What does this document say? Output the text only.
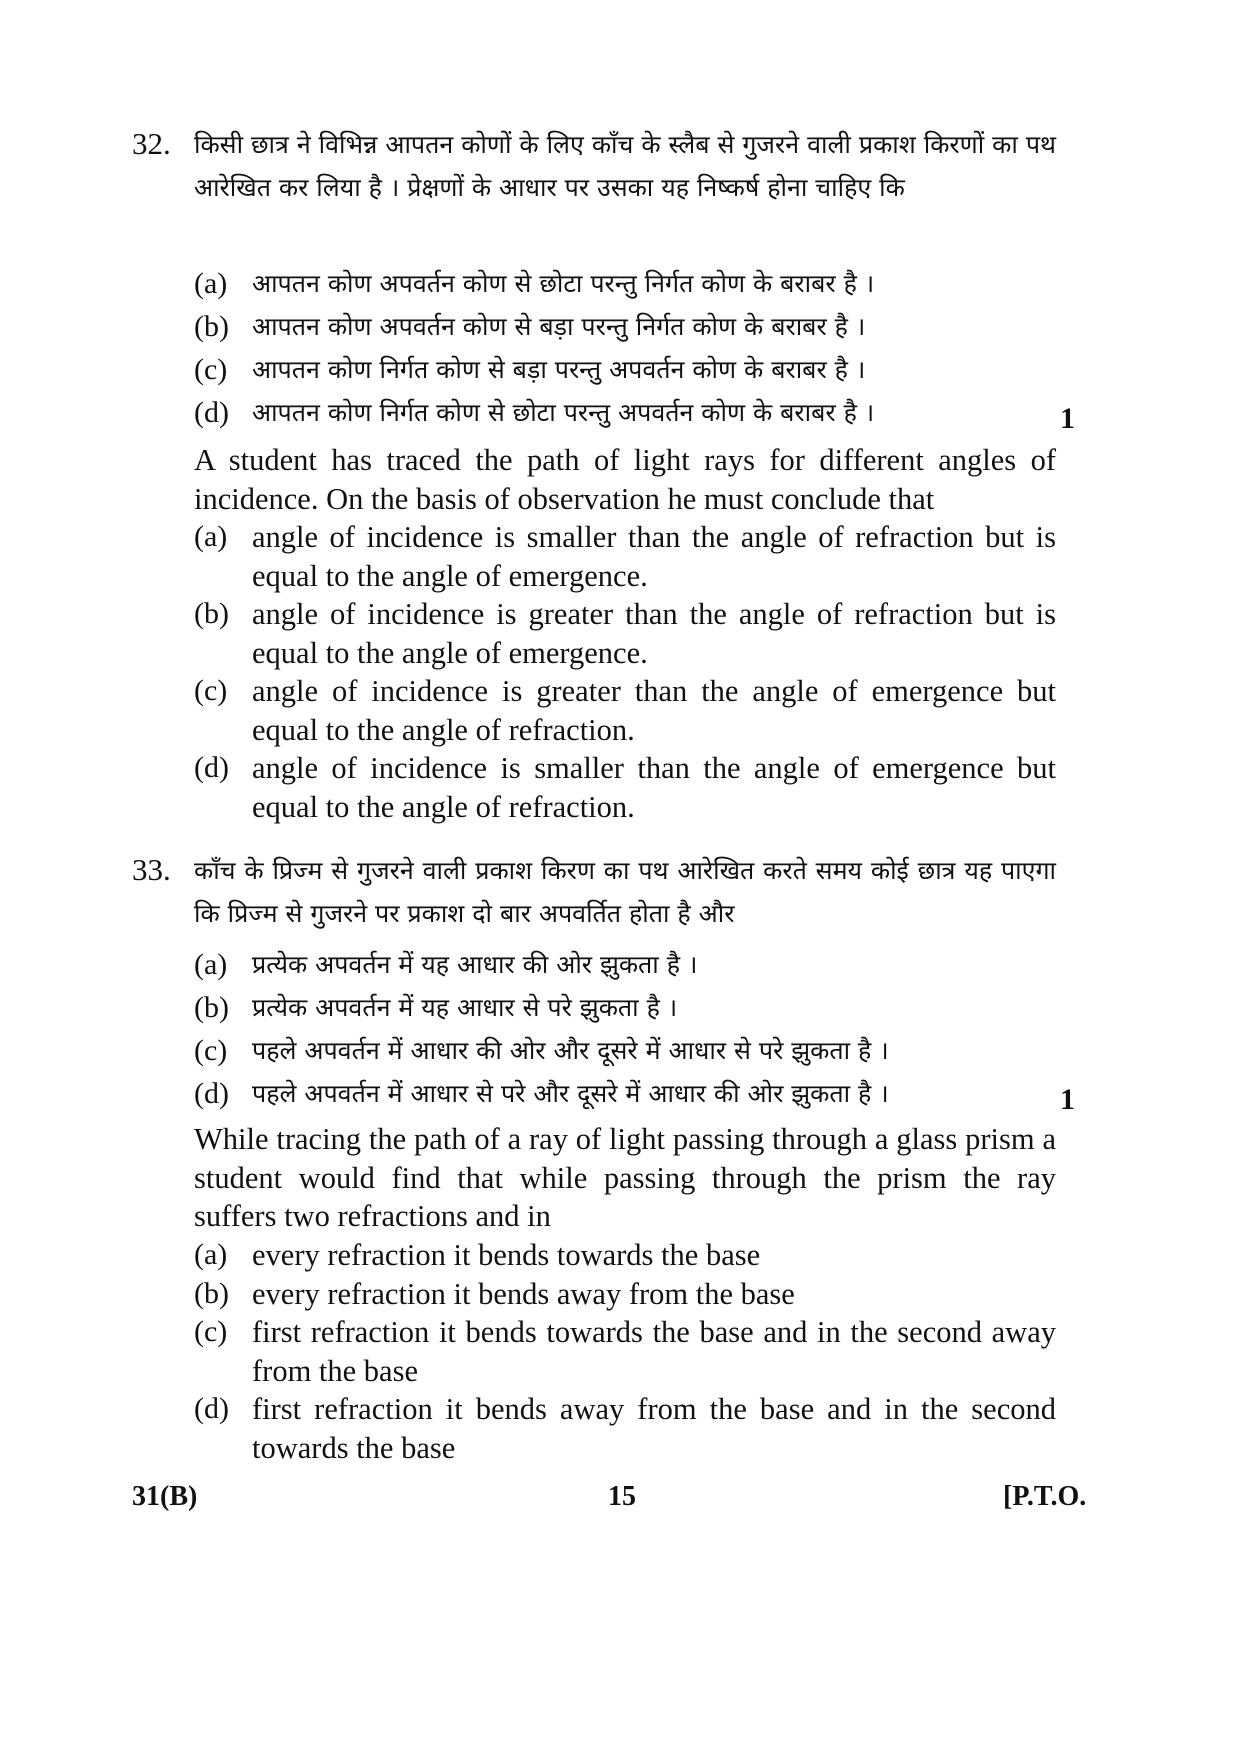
32. किसी छात्र ने विभिन्न आपतन कोणों के लिए काँच के स्लैब से गुजरने वाली प्रकाश किरणों का पथ आरेखित कर लिया है । प्रेक्षणों के आधार पर उसका यह निष्कर्ष होना चाहिए कि
(a) आपतन कोण अपवर्तन कोण से छोटा परन्तु निर्गत कोण के बराबर है ।
(b) आपतन कोण अपवर्तन कोण से बड़ा परन्तु निर्गत कोण के बराबर है ।
(c) आपतन कोण निर्गत कोण से बड़ा परन्तु अपवर्तन कोण के बराबर है ।
(d) आपतन कोण निर्गत कोण से छोटा परन्तु अपवर्तन कोण के बराबर है ।	1
A student has traced the path of light rays for different angles of incidence. On the basis of observation he must conclude that
(a) angle of incidence is smaller than the angle of refraction but is equal to the angle of emergence.
(b) angle of incidence is greater than the angle of refraction but is equal to the angle of emergence.
(c) angle of incidence is greater than the angle of emergence but equal to the angle of refraction.
(d) angle of incidence is smaller than the angle of emergence but equal to the angle of refraction.
33. काँच के प्रिज्म से गुजरने वाली प्रकाश किरण का पथ आरेखित करते समय कोई छात्र यह पाएगा कि प्रिज्म से गुजरने पर प्रकाश दो बार अपवर्तित होता है और
(a) प्रत्येक अपवर्तन में यह आधार की ओर झुकता है ।
(b) प्रत्येक अपवर्तन में यह आधार से परे झुकता है ।
(c) पहले अपवर्तन में आधार की ओर और दूसरे में आधार से परे झुकता है ।
(d) पहले अपवर्तन में आधार से परे और दूसरे में आधार की ओर झुकता है ।	1
While tracing the path of a ray of light passing through a glass prism a student would find that while passing through the prism the ray suffers two refractions and in
(a) every refraction it bends towards the base
(b) every refraction it bends away from the base
(c) first refraction it bends towards the base and in the second away from the base
(d) first refraction it bends away from the base and in the second towards the base
31(B)	15	[P.T.O.
